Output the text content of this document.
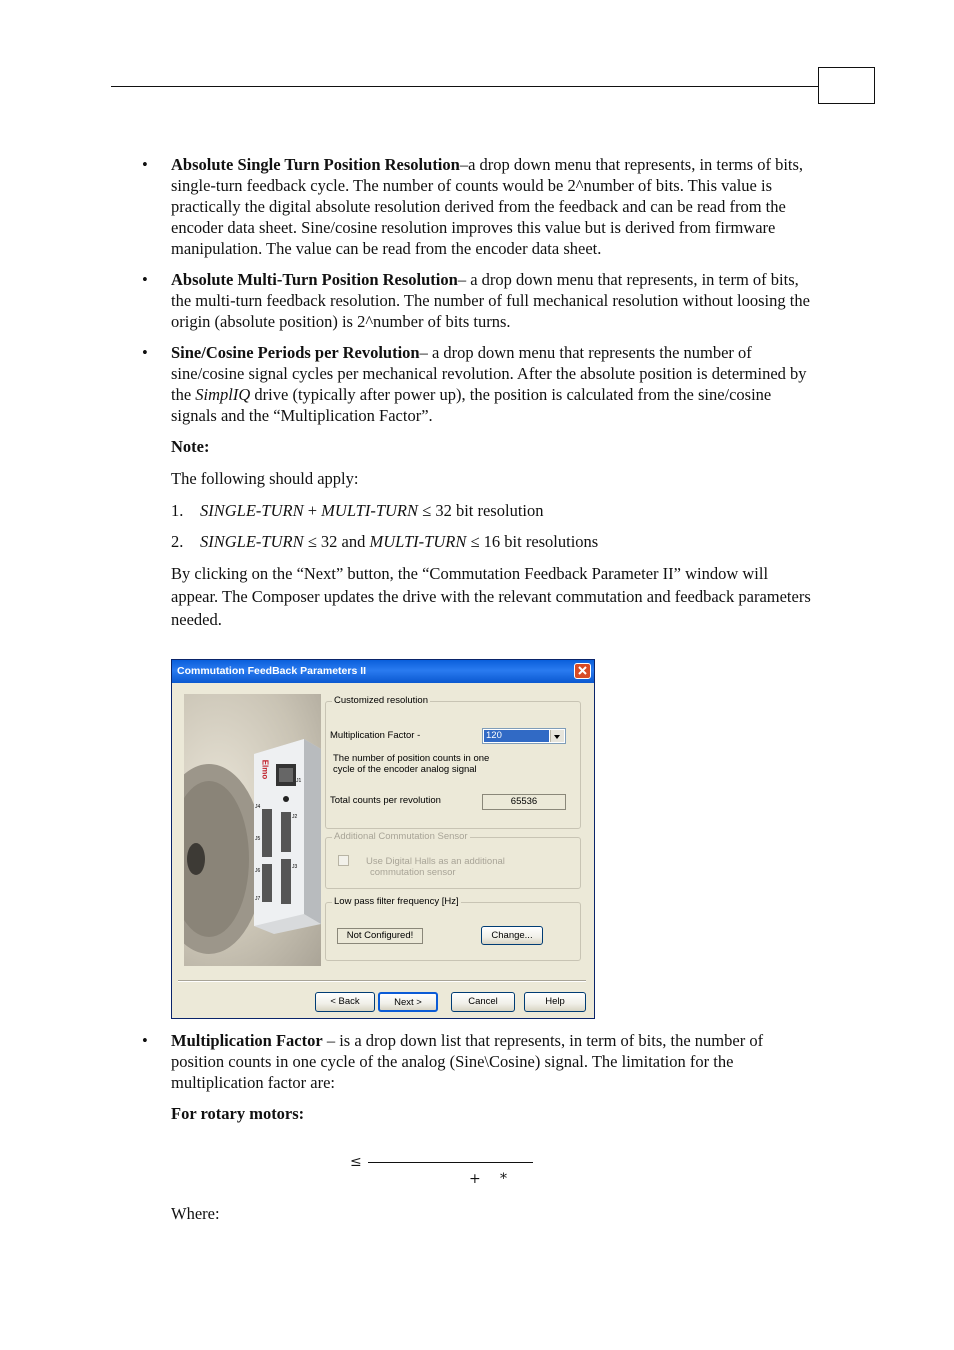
• Absolute Single Turn Position Resolution–a drop down menu that represents, in terms of bits, single-turn feedback cycle. The number of counts would be 2^number of bits. This value is practically the digital absolute resolution derived from the feedback and can be read from the encoder data sheet. Sine/cosine resolution improves this value but is derived from firmware manipulation. The value can be read from the encoder data sheet.
• Absolute Multi-Turn Position Resolution– a drop down menu that represents, in term of bits, the multi-turn feedback resolution. The number of full mechanical resolution without loosing the origin (absolute position) is 2^number of bits turns.
• Sine/Cosine Periods per Revolution– a drop down menu that represents the number of sine/cosine signal cycles per mechanical revolution. After the absolute position is determined by the SimplIQ drive (typically after power up), the position is calculated from the sine/cosine signals and the “Multiplication Factor”.
Note:
The following should apply:
1. SINGLE-TURN + MULTI-TURN ≤ 32 bit resolution
2. SINGLE-TURN ≤ 32 and MULTI-TURN ≤ 16 bit resolutions
By clicking on the “Next” button, the “Commutation Feedback Parameter II” window will appear. The Composer updates the drive with the relevant commutation and feedback parameters needed.
Commutation FeedBack Parameters II
Elmo
J1
J2
J3
J4
J5
J6
J7
Customized resolution
Multiplication Factor -	120
The number of position counts in one
cycle of the encoder analog signal
Total counts per revolution	65536
Additional Commutation Sensor
Use Digital Halls as an additional
commutation sensor
Low pass filter frequency [Hz]
Not Configured!	Change...
< Back	Next >	Cancel	Help
• Multiplication Factor – is a drop down list that represents, in term of bits, the number of position counts in one cycle of the analog (Sine\Cosine) signal. The limitation for the multiplication factor are:
For rotary motors:
≤
+ *
Where:
